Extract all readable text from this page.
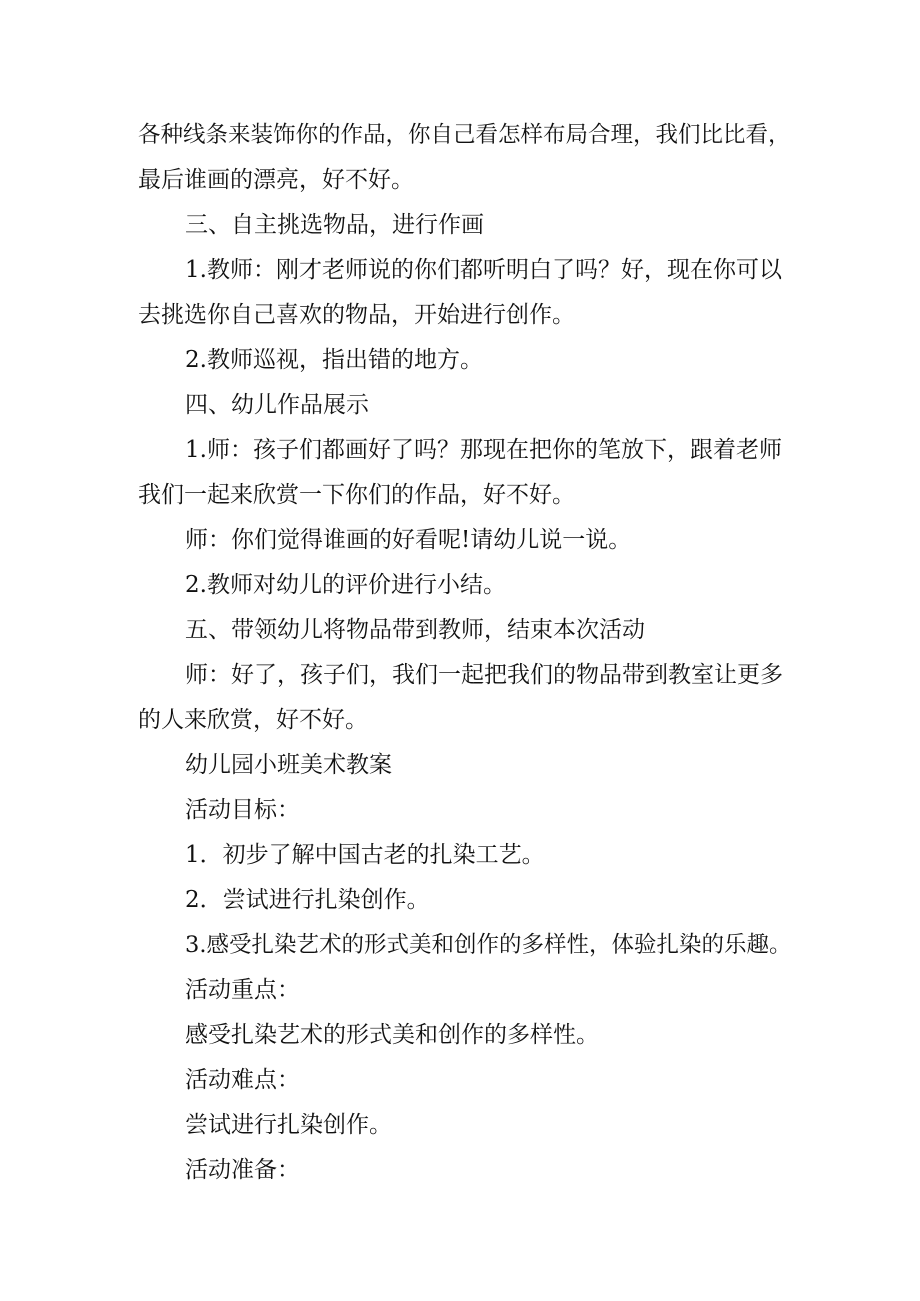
各种线条来装饰你的作品，你自己看怎样布局合理，我们比比看，

最后谁画的漂亮，好不好。

三、自主挑选物品，进行作画

1.教师：刚才老师说的你们都听明白了吗？好，现在你可以

去挑选你自己喜欢的物品，开始进行创作。

2.教师巡视，指出错的地方。

四、幼儿作品展示

1.师：孩子们都画好了吗？那现在把你的笔放下，跟着老师

我们一起来欣赏一下你们的作品，好不好。

师：你们觉得谁画的好看呢!请幼儿说一说。

2.教师对幼儿的评价进行小结。

五、带领幼儿将物品带到教师，结束本次活动

师：好了，孩子们，我们一起把我们的物品带到教室让更多

的人来欣赏，好不好。

幼儿园小班美术教案

活动目标：

1．初步了解中国古老的扎染工艺。

2．尝试进行扎染创作。

3.感受扎染艺术的形式美和创作的多样性，体验扎染的乐趣。

活动重点：

感受扎染艺术的形式美和创作的多样性。

活动难点：

尝试进行扎染创作。

活动准备：
